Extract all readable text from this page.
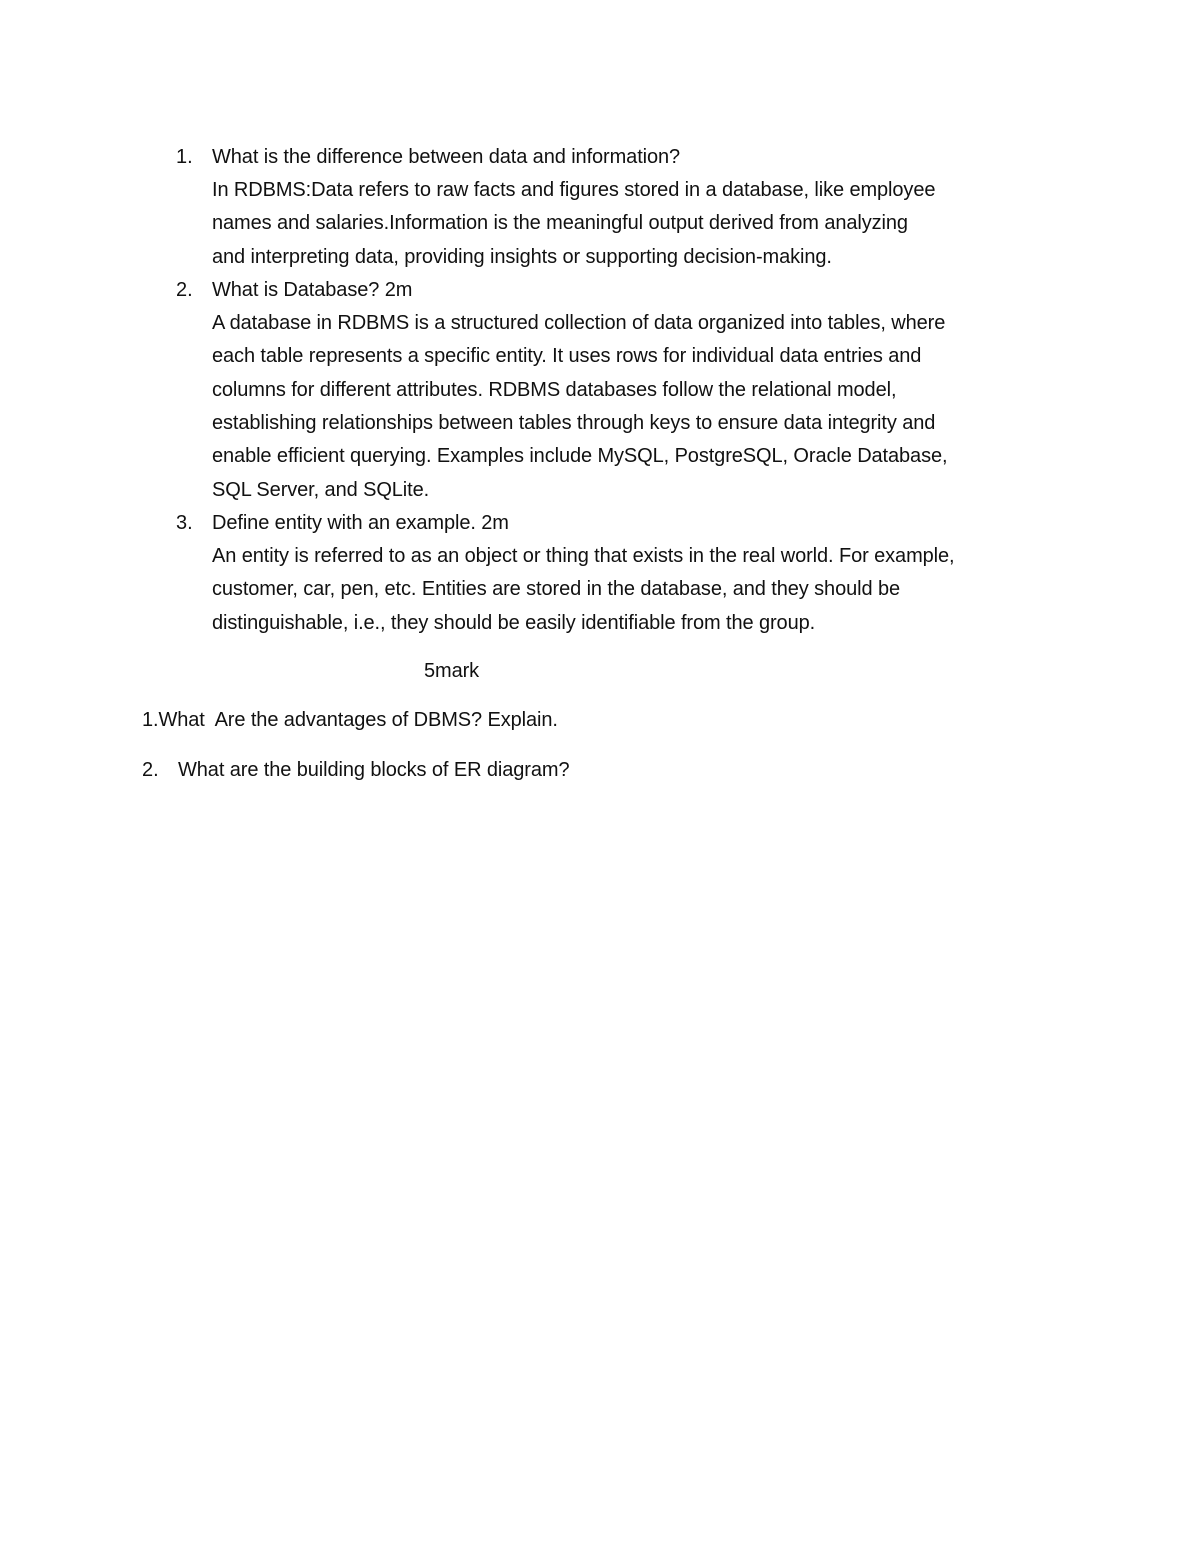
1. What is the difference between data and information?
In RDBMS:Data refers to raw facts and figures stored in a database, like employee
names and salaries.Information is the meaningful output derived from analyzing
and interpreting data, providing insights or supporting decision-making.
2. What is Database? 2m
A database in RDBMS is a structured collection of data organized into tables, where
each table represents a specific entity. It uses rows for individual data entries and
columns for different attributes. RDBMS databases follow the relational model,
establishing relationships between tables through keys to ensure data integrity and
enable efficient querying. Examples include MySQL, PostgreSQL, Oracle Database,
SQL Server, and SQLite.
3. Define entity with an example. 2m
An entity is referred to as an object or thing that exists in the real world. For example,
customer, car, pen, etc. Entities are stored in the database, and they should be
distinguishable, i.e., they should be easily identifiable from the group.
5mark
1.What  Are the advantages of DBMS? Explain.
2. What are the building blocks of ER diagram?
